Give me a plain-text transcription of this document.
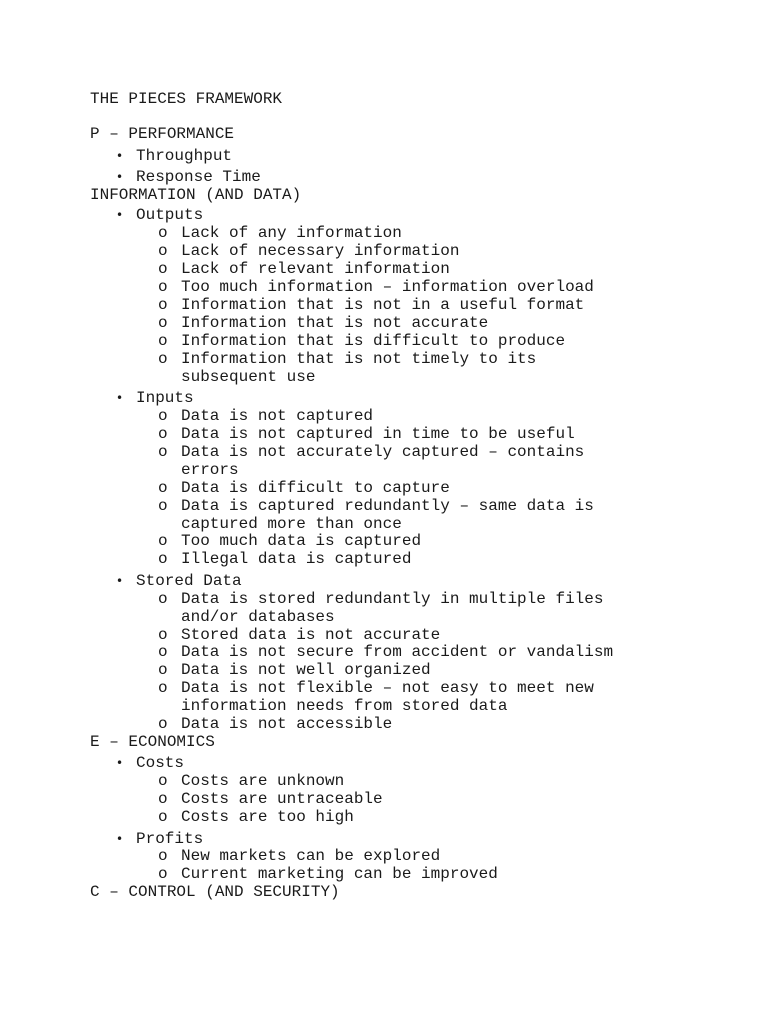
THE PIECES FRAMEWORK
P – PERFORMANCE
• Throughput
• Response Time
INFORMATION (AND DATA)
• Outputs
o Lack of any information
o Lack of necessary information
o Lack of relevant information
o Too much information – information overload
o Information that is not in a useful format
o Information that is not accurate
o Information that is difficult to produce
o Information that is not timely to its
subsequent use
• Inputs
o Data is not captured
o Data is not captured in time to be useful
o Data is not accurately captured – contains
errors
o Data is difficult to capture
o Data is captured redundantly – same data is
captured more than once
o Too much data is captured
o Illegal data is captured
• Stored Data
o Data is stored redundantly in multiple files
and/or databases
o Stored data is not accurate
o Data is not secure from accident or vandalism
o Data is not well organized
o Data is not flexible – not easy to meet new
information needs from stored data
o Data is not accessible
E – ECONOMICS
• Costs
o Costs are unknown
o Costs are untraceable
o Costs are too high
• Profits
o New markets can be explored
o Current marketing can be improved
C – CONTROL (AND SECURITY)
